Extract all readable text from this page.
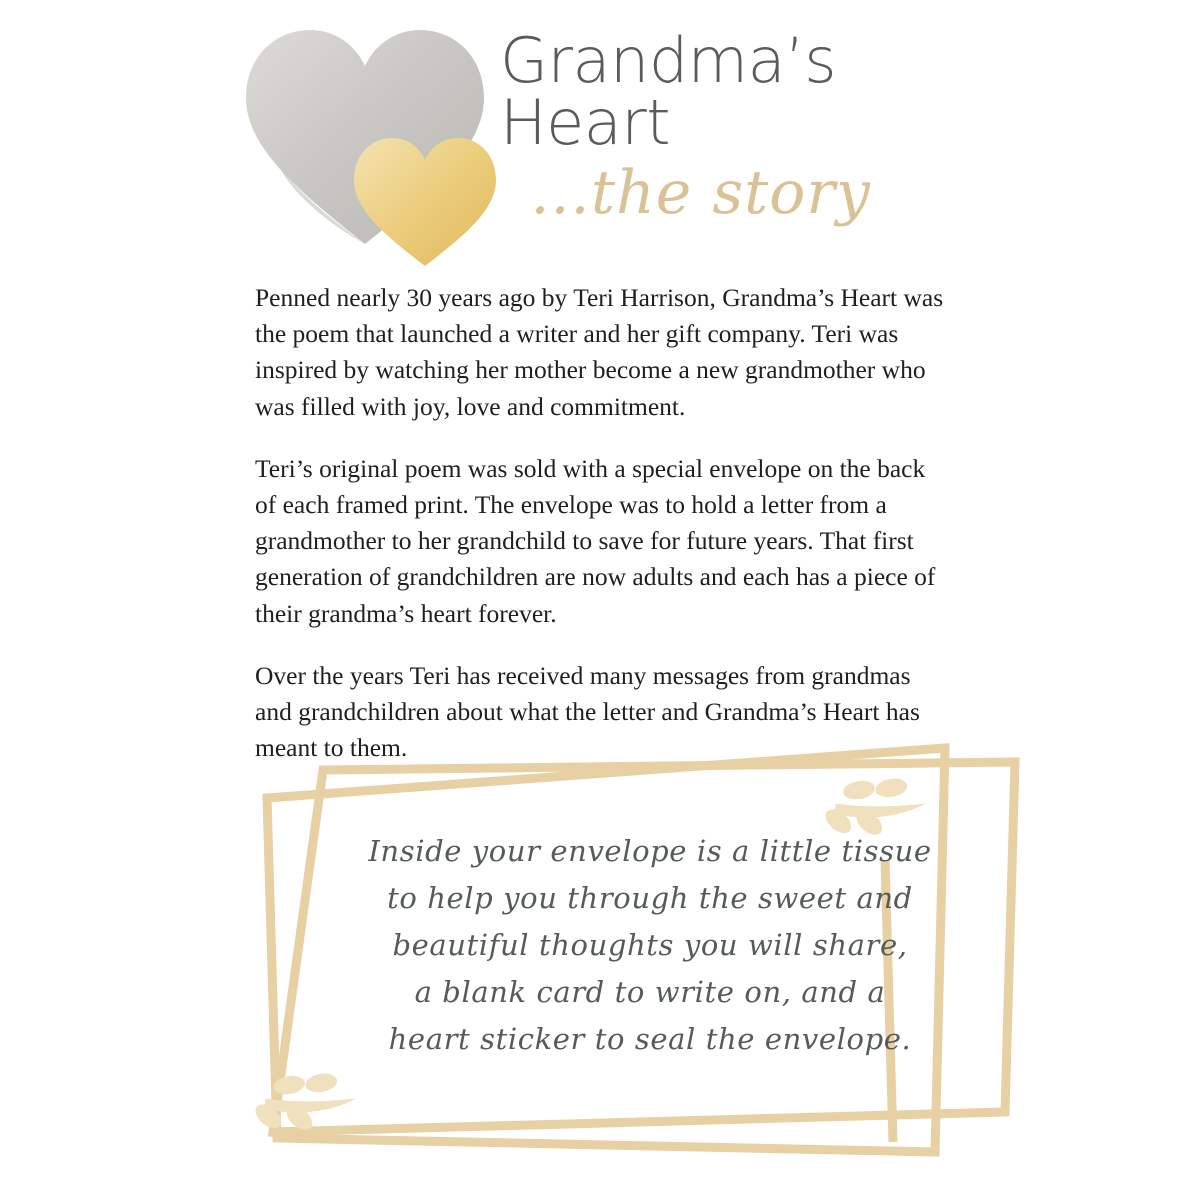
Grandma’s
Heart
…the story

Penned nearly 30 years ago by Teri Harrison, Grandma’s Heart was the poem that launched a writer and her gift company. Teri was inspired by watching her mother become a new grandmother who was filled with joy, love and commitment.

Teri’s original poem was sold with a special envelope on the back of each framed print. The envelope was to hold a letter from a grandmother to her grandchild to save for future years. That first generation of grandchildren are now adults and each has a piece of their grandma’s heart forever.

Over the years Teri has received many messages from grandmas and grandchildren about what the letter and Grandma’s Heart has meant to them.

Inside your envelope is a little tissue
to help you through the sweet and
beautiful thoughts you will share,
a blank card to write on, and a
heart sticker to seal the envelope.
